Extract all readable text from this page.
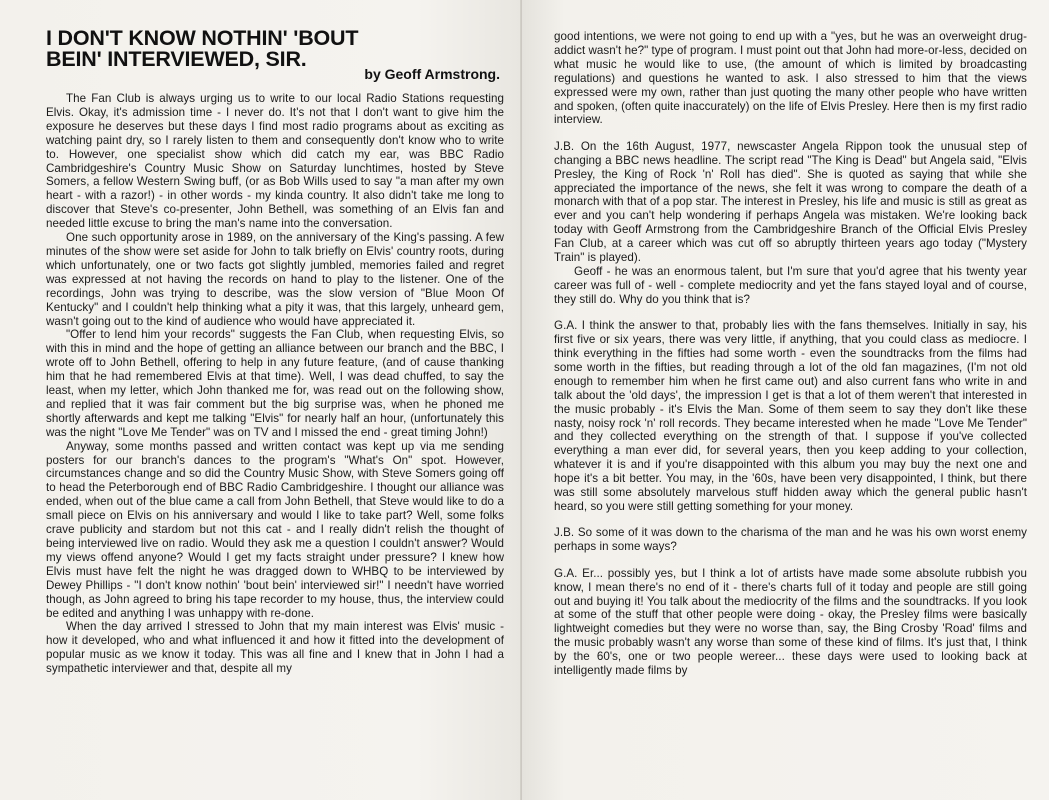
I DON'T KNOW NOTHIN' 'BOUT
BEIN' INTERVIEWED, SIR.
by Geoff Armstrong.

The Fan Club is always urging us to write to our local Radio Stations requesting Elvis. Okay, it's admission time - I never do. It's not that I don't want to give him the exposure he deserves but these days I find most radio programs about as exciting as watching paint dry, so I rarely listen to them and consequently don't know who to write to. However, one specialist show which did catch my ear, was BBC Radio Cambridgeshire's Country Music Show on Saturday lunchtimes, hosted by Steve Somers, a fellow Western Swing buff, (or as Bob Wills used to say "a man after my own heart - with a razor!) - in other words - my kinda country. It also didn't take me long to discover that Steve's co-presenter, John Bethell, was something of an Elvis fan and needed little excuse to bring the man's name into the conversation.

One such opportunity arose in 1989, on the anniversary of the King's passing. A few minutes of the show were set aside for John to talk briefly on Elvis' country roots, during which unfortunately, one or two facts got slightly jumbled, memories failed and regret was expressed at not having the records on hand to play to the listener. One of the recordings, John was trying to describe, was the slow version of "Blue Moon Of Kentucky" and I couldn't help thinking what a pity it was, that this largely, unheard gem, wasn't going out to the kind of audience who would have appreciated it.

"Offer to lend him your records" suggests the Fan Club, when requesting Elvis, so with this in mind and the hope of getting an alliance between our branch and the BBC, I wrote off to John Bethell, offering to help in any future feature, (and of cause thanking him that he had remembered Elvis at that time). Well, I was dead chuffed, to say the least, when my letter, which John thanked me for, was read out on the following show, and replied that it was fair comment but the big surprise was, when he phoned me shortly afterwards and kept me talking "Elvis" for nearly half an hour, (unfortunately this was the night "Love Me Tender" was on TV and I missed the end - great timing John!)

Anyway, some months passed and written contact was kept up via me sending posters for our branch's dances to the program's "What's On" spot. However, circumstances change and so did the Country Music Show, with Steve Somers going off to head the Peterborough end of BBC Radio Cambridgeshire. I thought our alliance was ended, when out of the blue came a call from John Bethell, that Steve would like to do a small piece on Elvis on his anniversary and would I like to take part? Well, some folks crave publicity and stardom but not this cat - and I really didn't relish the thought of being interviewed live on radio. Would they ask me a question I couldn't answer? Would my views offend anyone? Would I get my facts straight under pressure? I knew how Elvis must have felt the night he was dragged down to WHBQ to be interviewed by Dewey Phillips - "I don't know nothin' 'bout bein' interviewed sir!" I needn't have worried though, as John agreed to bring his tape recorder to my house, thus, the interview could be edited and anything I was unhappy with re-done.

When the day arrived I stressed to John that my main interest was Elvis' music - how it developed, who and what influenced it and how it fitted into the development of popular music as we know it today. This was all fine and I knew that in John I had a sympathetic interviewer and that, despite all my

good intentions, we were not going to end up with a "yes, but he was an overweight drug-addict wasn't he?" type of program. I must point out that John had more-or-less, decided on what music he would like to use, (the amount of which is limited by broadcasting regulations) and questions he wanted to ask. I also stressed to him that the views expressed were my own, rather than just quoting the many other people who have written and spoken, (often quite inaccurately) on the life of Elvis Presley. Here then is my first radio interview.

J.B. On the 16th August, 1977, newscaster Angela Rippon took the unusual step of changing a BBC news headline. The script read "The King is Dead" but Angela said, "Elvis Presley, the King of Rock 'n' Roll has died". She is quoted as saying that while she appreciated the importance of the news, she felt it was wrong to compare the death of a monarch with that of a pop star. The interest in Presley, his life and music is still as great as ever and you can't help wondering if perhaps Angela was mistaken. We're looking back today with Geoff Armstrong from the Cambridgeshire Branch of the Official Elvis Presley Fan Club, at a career which was cut off so abruptly thirteen years ago today ("Mystery Train" is played).

Geoff - he was an enormous talent, but I'm sure that you'd agree that his twenty year career was full of - well - complete mediocrity and yet the fans stayed loyal and of course, they still do. Why do you think that is?

G.A. I think the answer to that, probably lies with the fans themselves. Initially in say, his first five or six years, there was very little, if anything, that you could class as mediocre. I think everything in the fifties had some worth - even the soundtracks from the films had some worth in the fifties, but reading through a lot of the old fan magazines, (I'm not old enough to remember him when he first came out) and also current fans who write in and talk about the 'old days', the impression I get is that a lot of them weren't that interested in the music probably - it's Elvis the Man. Some of them seem to say they don't like these nasty, noisy rock 'n' roll records. They became interested when he made "Love Me Tender" and they collected everything on the strength of that. I suppose if you've collected everything a man ever did, for several years, then you keep adding to your collection, whatever it is and if you're disappointed with this album you may buy the next one and hope it's a bit better. You may, in the '60s, have been very disappointed, I think, but there was still some absolutely marvelous stuff hidden away which the general public hasn't heard, so you were still getting something for your money.

J.B. So some of it was down to the charisma of the man and he was his own worst enemy perhaps in some ways?

G.A. Er... possibly yes, but I think a lot of artists have made some absolute rubbish you know, I mean there's no end of it - there's charts full of it today and people are still going out and buying it! You talk about the mediocrity of the films and the soundtracks. If you look at some of the stuff that other people were doing - okay, the Presley films were basically lightweight comedies but they were no worse than, say, the Bing Crosby 'Road' films and the music probably wasn't any worse than some of these kind of films. It's just that, I think by the 60's, one or two people wereer... these days were used to looking back at intelligently made films by
